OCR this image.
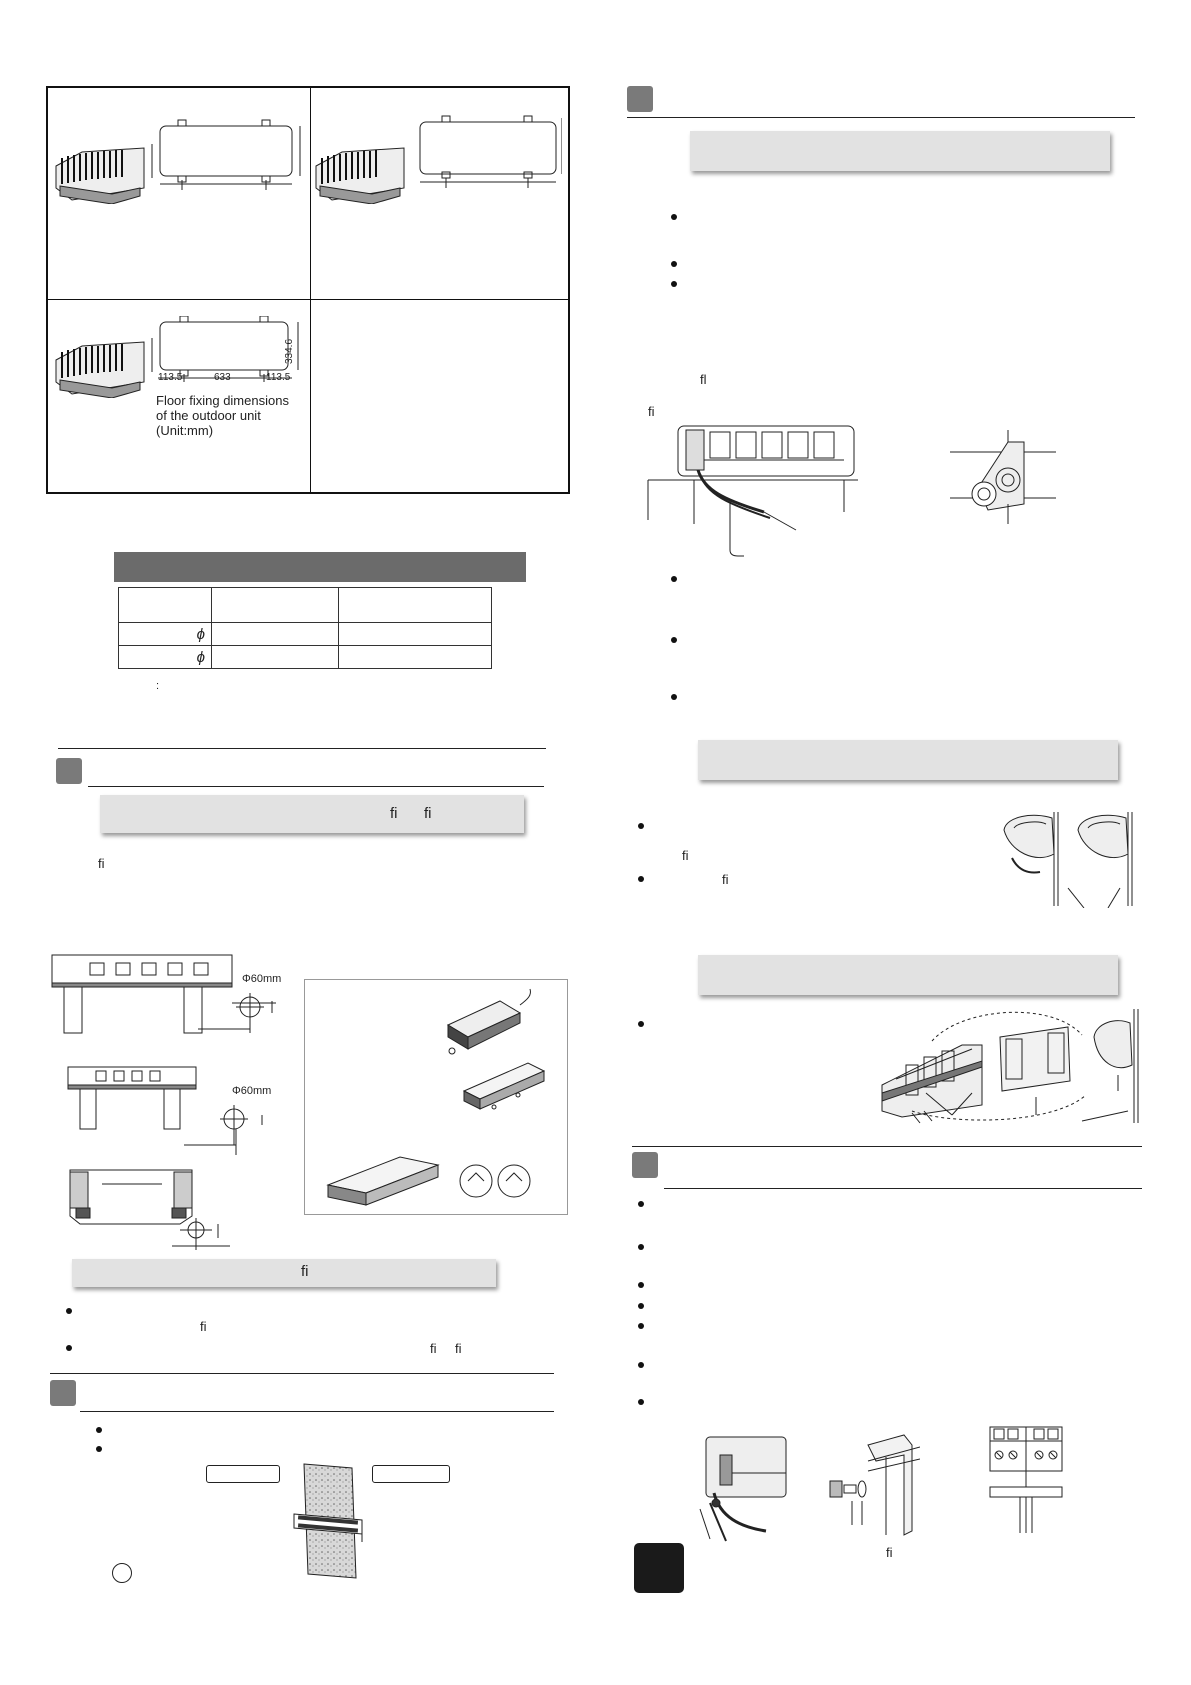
334.6
113.5	633	113.5
Floor fixing dimensions
of the outdoor unit
(Unit:mm)

ϕ		
ϕ		
:
fi fi
fi
Φ60mm
Φ60mm
fi
fi
fi fi
fl
fi
fi
fi
fi
